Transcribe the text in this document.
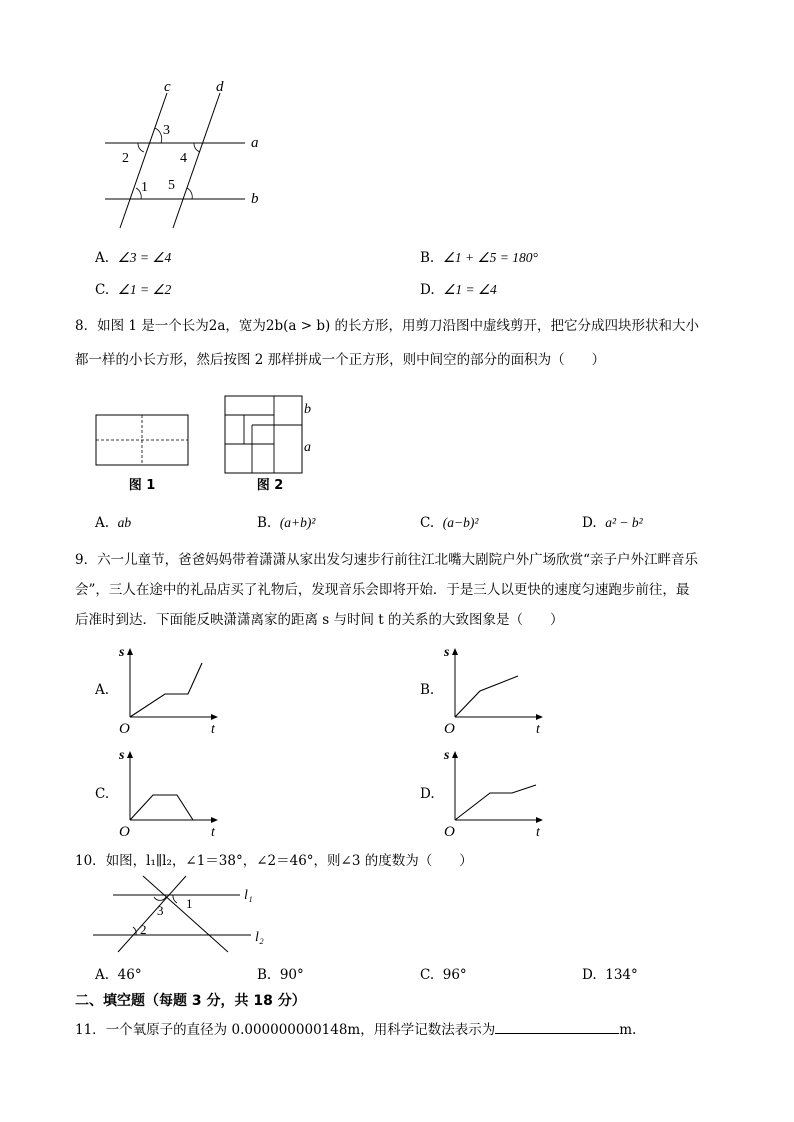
c	d
a
b
1
2
3
4
5
A. ∠3 = ∠4	B. ∠1 + ∠5 = 180°
C. ∠1 = ∠2	D. ∠1 = ∠4
8．如图 1 是一个长为2a，宽为2b(a > b) 的长方形，用剪刀沿图中虚线剪开，把它分成四块形状和大小
都一样的小长方形，然后按图 2 那样拼成一个正方形，则中间空的部分的面积为（　　）
b
a
图 1	图 2
A. ab	B. (a+b)²	C. (a−b)²	D. a² − b²
9．六一儿童节，爸爸妈妈带着潇潇从家出发匀速步行前往江北嘴大剧院户外广场欣赏“亲子户外江畔音乐
会”，三人在途中的礼品店买了礼物后，发现音乐会即将开始．于是三人以更快的速度匀速跑步前往，最
后准时到达．下面能反映潇潇离家的距离 s 与时间 t 的关系的大致图象是（　　）
A.
s
O	t
B.
s
O	t
C.
s
O	t
D.
s
O	t
10．如图，l₁∥l₂，∠1＝38°，∠2＝46°，则∠3 的度数为（　　）
l₁
l₂
1
2
3
A. 46°	B. 90°	C. 96°	D. 134°
二、填空题（每题 3 分，共 18 分）
11．一个氧原子的直径为 0.000000000148m，用科学记数法表示为	m.
